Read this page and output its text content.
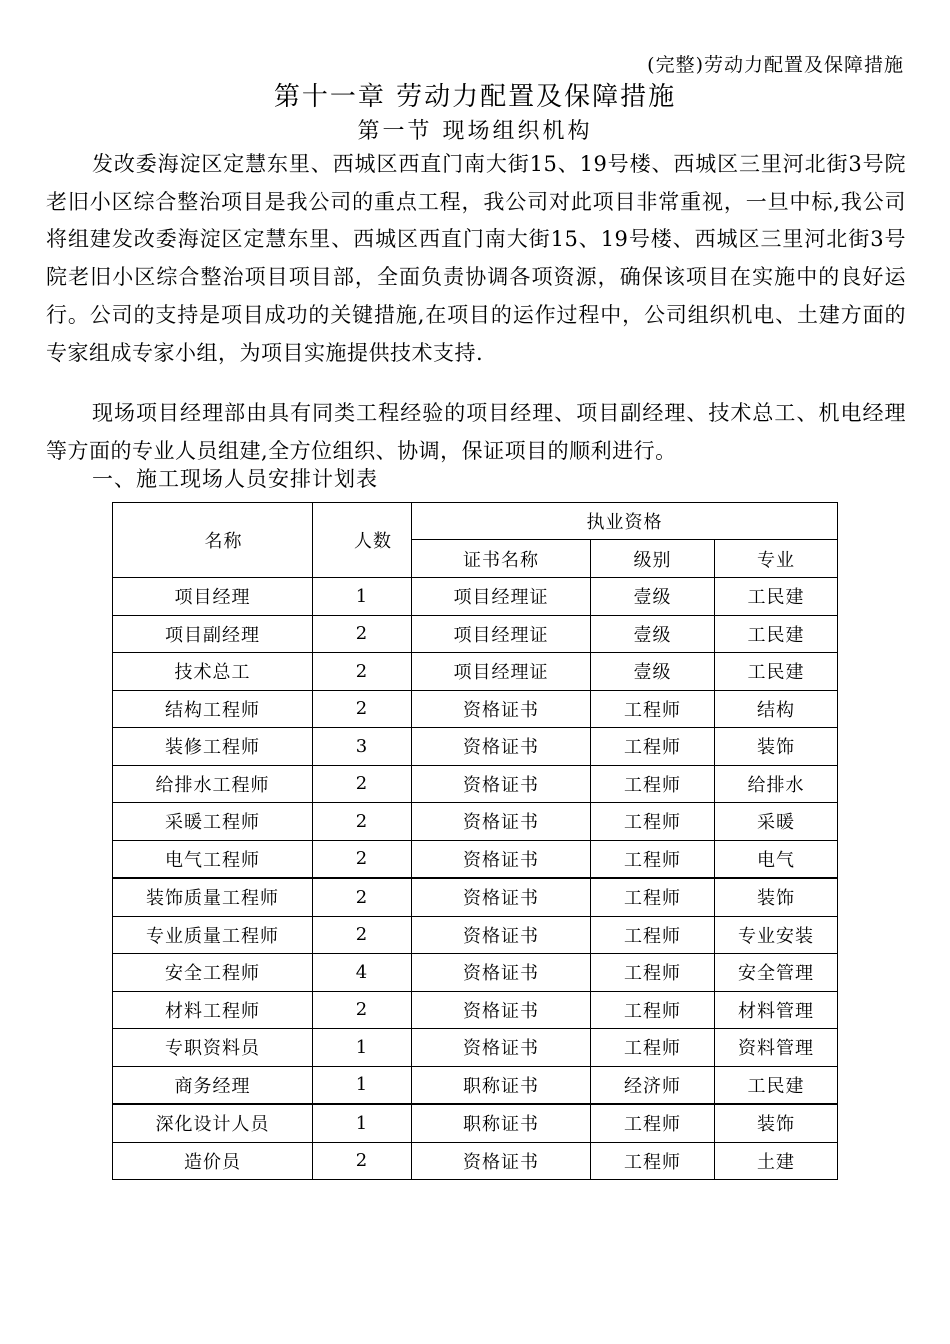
(完整)劳动力配置及保障措施
第十一章 劳动力配置及保障措施
第一节 现场组织机构

发改委海淀区定慧东里、西城区西直门南大街15、19号楼、西城区三里河北街3号院老旧小区综合整治项目是我公司的重点工程，我公司对此项目非常重视，一旦中标,我公司将组建发改委海淀区定慧东里、西城区西直门南大街15、19号楼、西城区三里河北街3号院老旧小区综合整治项目项目部，全面负责协调各项资源，确保该项目在实施中的良好运行。公司的支持是项目成功的关键措施,在项目的运作过程中，公司组织机电、土建方面的专家组成专家小组，为项目实施提供技术支持.

现场项目经理部由具有同类工程经验的项目经理、项目副经理、技术总工、机电经理等方面的专业人员组建,全方位组织、协调，保证项目的顺利进行。

一、施工现场人员安排计划表
名称	人数	执业资格		
		证书名称	级别	专业
项目经理	1	项目经理证	壹级	工民建
项目副经理	2	项目经理证	壹级	工民建
技术总工	2	项目经理证	壹级	工民建
结构工程师	2	资格证书	工程师	结构
装修工程师	3	资格证书	工程师	装饰
给排水工程师	2	资格证书	工程师	给排水
采暖工程师	2	资格证书	工程师	采暖
电气工程师	2	资格证书	工程师	电气
装饰质量工程师	2	资格证书	工程师	装饰
专业质量工程师	2	资格证书	工程师	专业安装
安全工程师	4	资格证书	工程师	安全管理
材料工程师	2	资格证书	工程师	材料管理
专职资料员	1	资格证书	工程师	资料管理
商务经理	1	职称证书	经济师	工民建
深化设计人员	1	职称证书	工程师	装饰
造价员	2	资格证书	工程师	土建
